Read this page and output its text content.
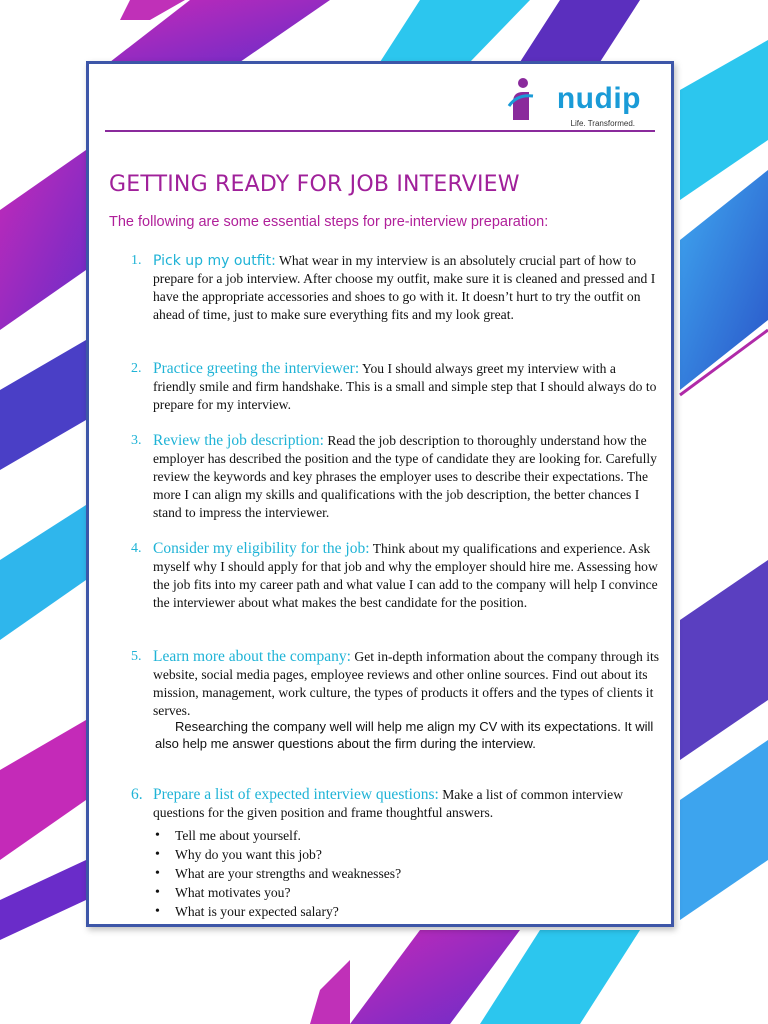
nudip
Life. Transformed.
GETTING READY FOR JOB INTERVIEW
The following are some essential steps for pre-interview preparation:
1. Pick up my outfit: What wear in my interview is an absolutely crucial part of how to prepare for a job interview. After choose my outfit, make sure it is cleaned and pressed and I have the appropriate accessories and shoes to go with it. It doesn’t hurt to try the outfit on ahead of time, just to make sure everything fits and my look great.
2. Practice greeting the interviewer: You I should always greet my interview with a friendly smile and firm handshake. This is a small and simple step that I should always do to prepare for my interview.
3. Review the job description: Read the job description to thoroughly understand how the employer has described the position and the type of candidate they are looking for. Carefully review the keywords and key phrases the employer uses to describe their expectations. The more I can align my skills and qualifications with the job description, the better chances I stand to impress the interviewer.
4. Consider my eligibility for the job: Think about my qualifications and experience. Ask myself why I should apply for that job and why the employer should hire me. Assessing how the job fits into my career path and what value I can add to the company will help I convince the interviewer about what makes the best candidate for the position.
5. Learn more about the company: Get in-depth information about the company through its website, social media pages, employee reviews and other online sources. Find out about its mission, management, work culture, the types of products it offers and the types of clients it serves.
Researching the company well will help me align my CV with its expectations. It will also help me answer questions about the firm during the interview.
6. Prepare a list of expected interview questions: Make a list of common interview questions for the given position and frame thoughtful answers.
• Tell me about yourself.
• Why do you want this job?
• What are your strengths and weaknesses?
• What motivates you?
• What is your expected salary?
